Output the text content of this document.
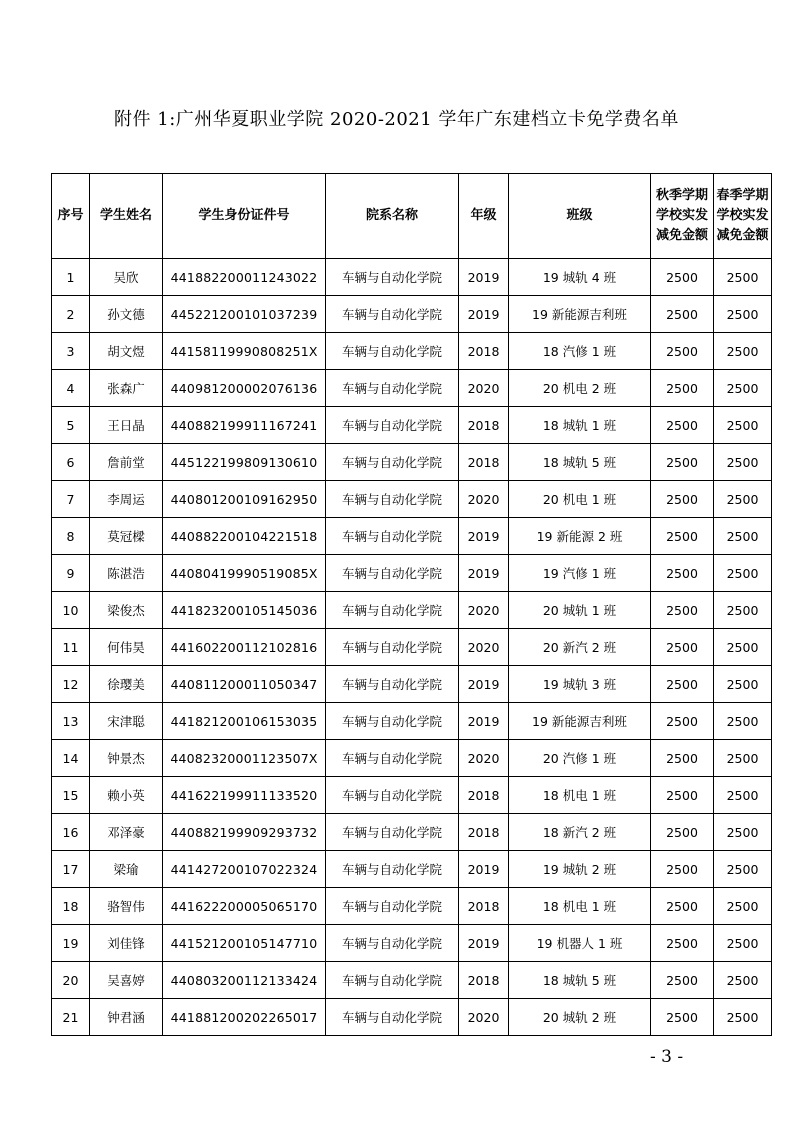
附件 1:广州华夏职业学院 2020-2021 学年广东建档立卡免学费名单
序号	学生姓名	学生身份证件号	院系名称	年级	班级	秋季学期学校实发减免金额	春季学期学校实发减免金额
1	吴欣	441882200011243022	车辆与自动化学院	2019	19 城轨 4 班	2500	2500
2	孙文德	445221200101037239	车辆与自动化学院	2019	19 新能源吉利班	2500	2500
3	胡文煜	44158119990808251X	车辆与自动化学院	2018	18 汽修 1 班	2500	2500
4	张森广	440981200002076136	车辆与自动化学院	2020	20 机电 2 班	2500	2500
5	王日晶	440882199911167241	车辆与自动化学院	2018	18 城轨 1 班	2500	2500
6	詹前堂	445122199809130610	车辆与自动化学院	2018	18 城轨 5 班	2500	2500
7	李周运	440801200109162950	车辆与自动化学院	2020	20 机电 1 班	2500	2500
8	莫冠樑	440882200104221518	车辆与自动化学院	2019	19 新能源 2 班	2500	2500
9	陈湛浩	44080419990519085X	车辆与自动化学院	2019	19 汽修 1 班	2500	2500
10	梁俊杰	441823200105145036	车辆与自动化学院	2020	20 城轨 1 班	2500	2500
11	何伟昊	441602200112102816	车辆与自动化学院	2020	20 新汽 2 班	2500	2500
12	徐璎美	440811200011050347	车辆与自动化学院	2019	19 城轨 3 班	2500	2500
13	宋津聪	441821200106153035	车辆与自动化学院	2019	19 新能源吉利班	2500	2500
14	钟景杰	44082320001123507X	车辆与自动化学院	2020	20 汽修 1 班	2500	2500
15	赖小英	441622199911133520	车辆与自动化学院	2018	18 机电 1 班	2500	2500
16	邓泽豪	440882199909293732	车辆与自动化学院	2018	18 新汽 2 班	2500	2500
17	梁瑜	441427200107022324	车辆与自动化学院	2019	19 城轨 2 班	2500	2500
18	骆智伟	441622200005065170	车辆与自动化学院	2018	18 机电 1 班	2500	2500
19	刘佳锋	441521200105147710	车辆与自动化学院	2019	19 机器人 1 班	2500	2500
20	吴喜婷	440803200112133424	车辆与自动化学院	2018	18 城轨 5 班	2500	2500
21	钟君涵	441881200202265017	车辆与自动化学院	2020	20 城轨 2 班	2500	2500
- 3 -
